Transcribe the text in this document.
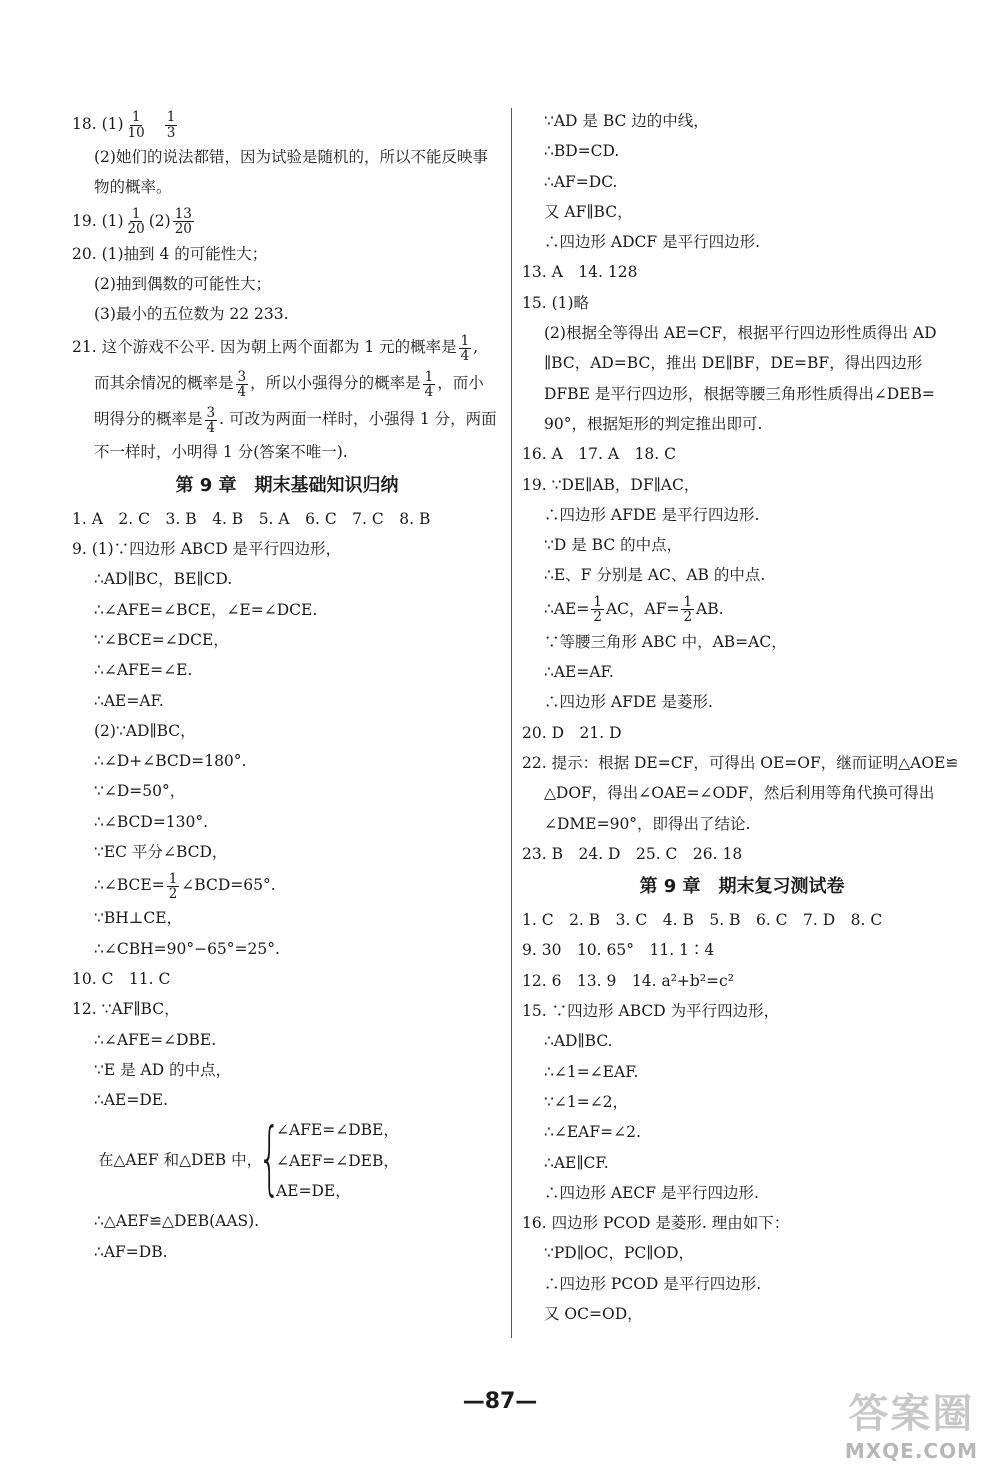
18. $(1) \frac{1}{10} \frac{1}{3}$
(2)她们的说法都错，因为试验是随机的，所以不能反映事
物的概率。
19. $(1) \frac{1}{20} (2) \frac{13}{20}$
20. (1)抽到 4 的可能性大；
(2)抽到偶数的可能性大；
(3)最小的五位数为 22 233.
21. 这个游戏不公平. 因为朝上两个面都为 1 元的概率是 $\frac{1}{4}$ ,
而其余情况的概率是 $\frac{3}{4}$ ，所以小强得分的概率是 $\frac{1}{4}$ ，而小
明得分的概率是 $\frac{3}{4}$ . 可改为两面一样时，小强得 1 分，两面
不一样时，小明得 1 分(答案不唯一).
第 9 章　期末基础知识归纳
1. A　2. C　3. B　4. B　5. A　6. C　7. C　8. B
9. (1)∵四边形 ABCD 是平行四边形，
∴AD∥BC，BE∥CD.
∴∠AFE=∠BCE，∠E=∠DCE.
∵∠BCE=∠DCE，
∴∠AFE=∠E.
∴AE=AF.
(2)∵AD∥BC，
∴∠D+∠BCD=180°.
∵∠D=50°，
∴∠BCD=130°.
∵EC 平分∠BCD，
∴∠BCE= $\frac{1}{2}$ ∠BCD=65°.
∵BH⊥CE，
∴∠CBH=90°−65°=25°.
10. C　11. C
12. ∵AF∥BC，
∴∠AFE=∠DBE.
∵E 是 AD 的中点，
∴AE=DE.
在△AEF 和△DEB 中，
{
∠AFE=∠DBE，
∠AEF=∠DEB，
AE=DE，
∴△AEF≌△DEB(AAS).
∴AF=DB.
∵AD 是 BC 边的中线，
∴BD=CD.
∴AF=DC.
又 AF∥BC，
∴四边形 ADCF 是平行四边形.
13. A　14. 128
15. (1)略
(2)根据全等得出 AE=CF，根据平行四边形性质得出 AD
∥BC，AD=BC，推出 DE∥BF，DE=BF，得出四边形
DFBE 是平行四边形，根据等腰三角形性质得出∠DEB=
90°，根据矩形的判定推出即可.
16. A　17. A　18. C
19. ∵DE∥AB，DF∥AC，
∴四边形 AFDE 是平行四边形.
∵D 是 BC 的中点，
∴E、F 分别是 AC、AB 的中点.
∴AE= $\frac{1}{2}$ AC，$AF= \frac{1}{2}$ AB.
∵等腰三角形 ABC 中，AB=AC，
∴AE=AF.
∴四边形 AFDE 是菱形.
20. D　21. D
22. 提示：根据 DE=CF，可得出 OE=OF，继而证明△AOE≌
△DOF，得出∠OAE=∠ODF，然后利用等角代换可得出
∠DME=90°，即得出了结论.
23. B　24. D　25. C　26. 18
第 9 章　期末复习测试卷
1. C　2. B　3. C　4. B　5. B　6. C　7. D　8. C
9. 30　10. 65°　11. 1∶4
12. 6　13. 9　14. a²+b²=c²
15. ∵四边形 ABCD 为平行四边形，
∴AD∥BC.
∴∠1=∠EAF.
∵∠1=∠2，
∴∠EAF=∠2.
∴AE∥CF.
∴四边形 AECF 是平行四边形.
16. 四边形 PCOD 是菱形. 理由如下：
∵PD∥OC，PC∥OD，
∴四边形 PCOD 是平行四边形.
又 OC=OD，
—87—	答案圈
MXQE.COM
